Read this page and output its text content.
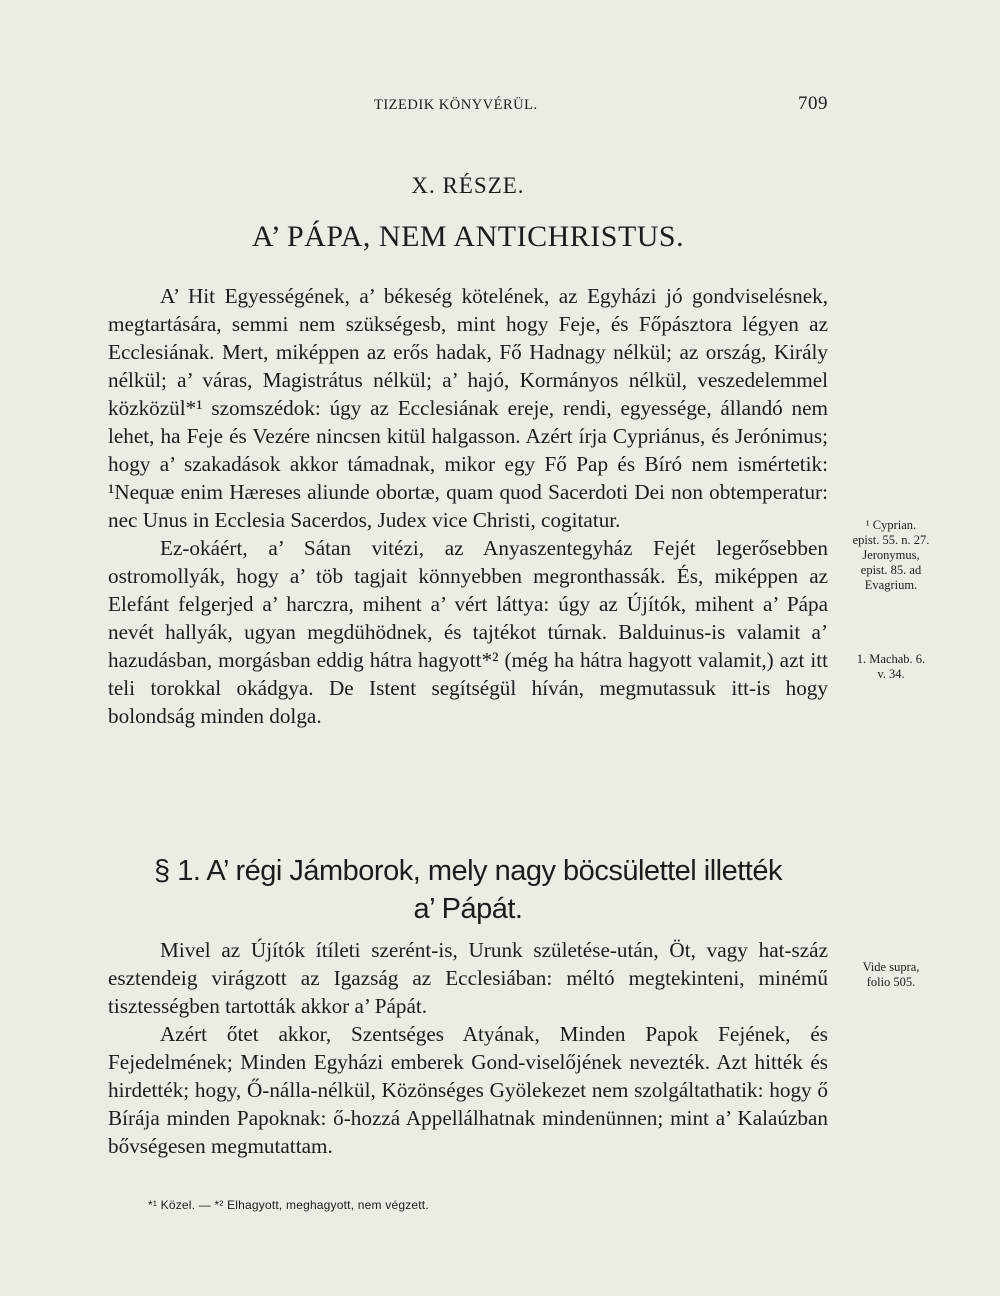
TIZEDIK KÖNYVÉRÜL.	709
X. RÉSZE.
A’ PÁPA, NEM ANTICHRISTUS.

A’ Hit Egyességének, a’ békeség kötelének, az Egyházi jó gondviselésnek, megtartására, semmi nem szükségesb, mint hogy Feje, és Főpásztora légyen az Ecclesiának. Mert, miképpen az erős hadak, Fő Hadnagy nélkül; az ország, Király nélkül; a’ váras, Magistrátus nélkül; a’ hajó, Kormányos nélkül, veszedelemmel közközül*¹ szomszédok: úgy az Ecclesiának ereje, rendi, egyessége, állandó nem lehet, ha Feje és Vezére nincsen kitül halgasson. Azért írja Cypriánus, és Jerónimus; hogy a’ szakadások akkor támadnak, mikor egy Fő Pap és Bíró nem ismértetik: ¹Nequæ enim Hæreses aliunde obortæ, quam quod Sacerdoti Dei non obtemperatur: nec Unus in Ecclesia Sacerdos, Judex vice Christi, cogitatur.

Ez-okáért, a’ Sátan vitézi, az Anyaszentegyház Fejét legerősebben ostromollyák, hogy a’ töb tagjait könnyebben megronthassák. És, miképpen az Elefánt felgerjed a’ harczra, mihent a’ vért láttya: úgy az Újítók, mihent a’ Pápa nevét hallyák, ugyan megdühödnek, és tajtékot túrnak. Balduinus-is valamit a’ hazudásban, morgásban eddig hátra hagyott*² (még ha hátra hagyott valamit,) azt itt teli torokkal okádgya. De Istent segítségül híván, megmutassuk itt-is hogy bolondság minden dolga.

§ 1. A’ régi Jámborok, mely nagy böcsülettel illették
a’ Pápát.

Mivel az Újítók ítíleti szerént-is, Urunk születése-után, Öt, vagy hat-száz esztendeig virágzott az Igazság az Ecclesiában: méltó megtekinteni, minémű tisztességben tartották akkor a’ Pápát.

Azért őtet akkor, Szentséges Atyának, Minden Papok Fejének, és Fejedelmének; Minden Egyházi emberek Gond-viselőjének nevezték. Azt hitték és hirdették; hogy, Ő-nálla-nélkül, Közönséges Gyölekezet nem szolgáltathatik: hogy ő Bírája minden Papoknak: ő-hozzá Appellálhatnak mindenünnen; mint a’ Kalaúzban bővségesen megmutattam.

¹ Cyprian.
epist. 55. n. 27.
Jeronymus,
epist. 85. ad
Evagrium.
1. Machab. 6.
v. 34.
Vide supra,
folio 505.
*¹ Közel. — *² Elhagyott, meghagyott, nem végzett.
